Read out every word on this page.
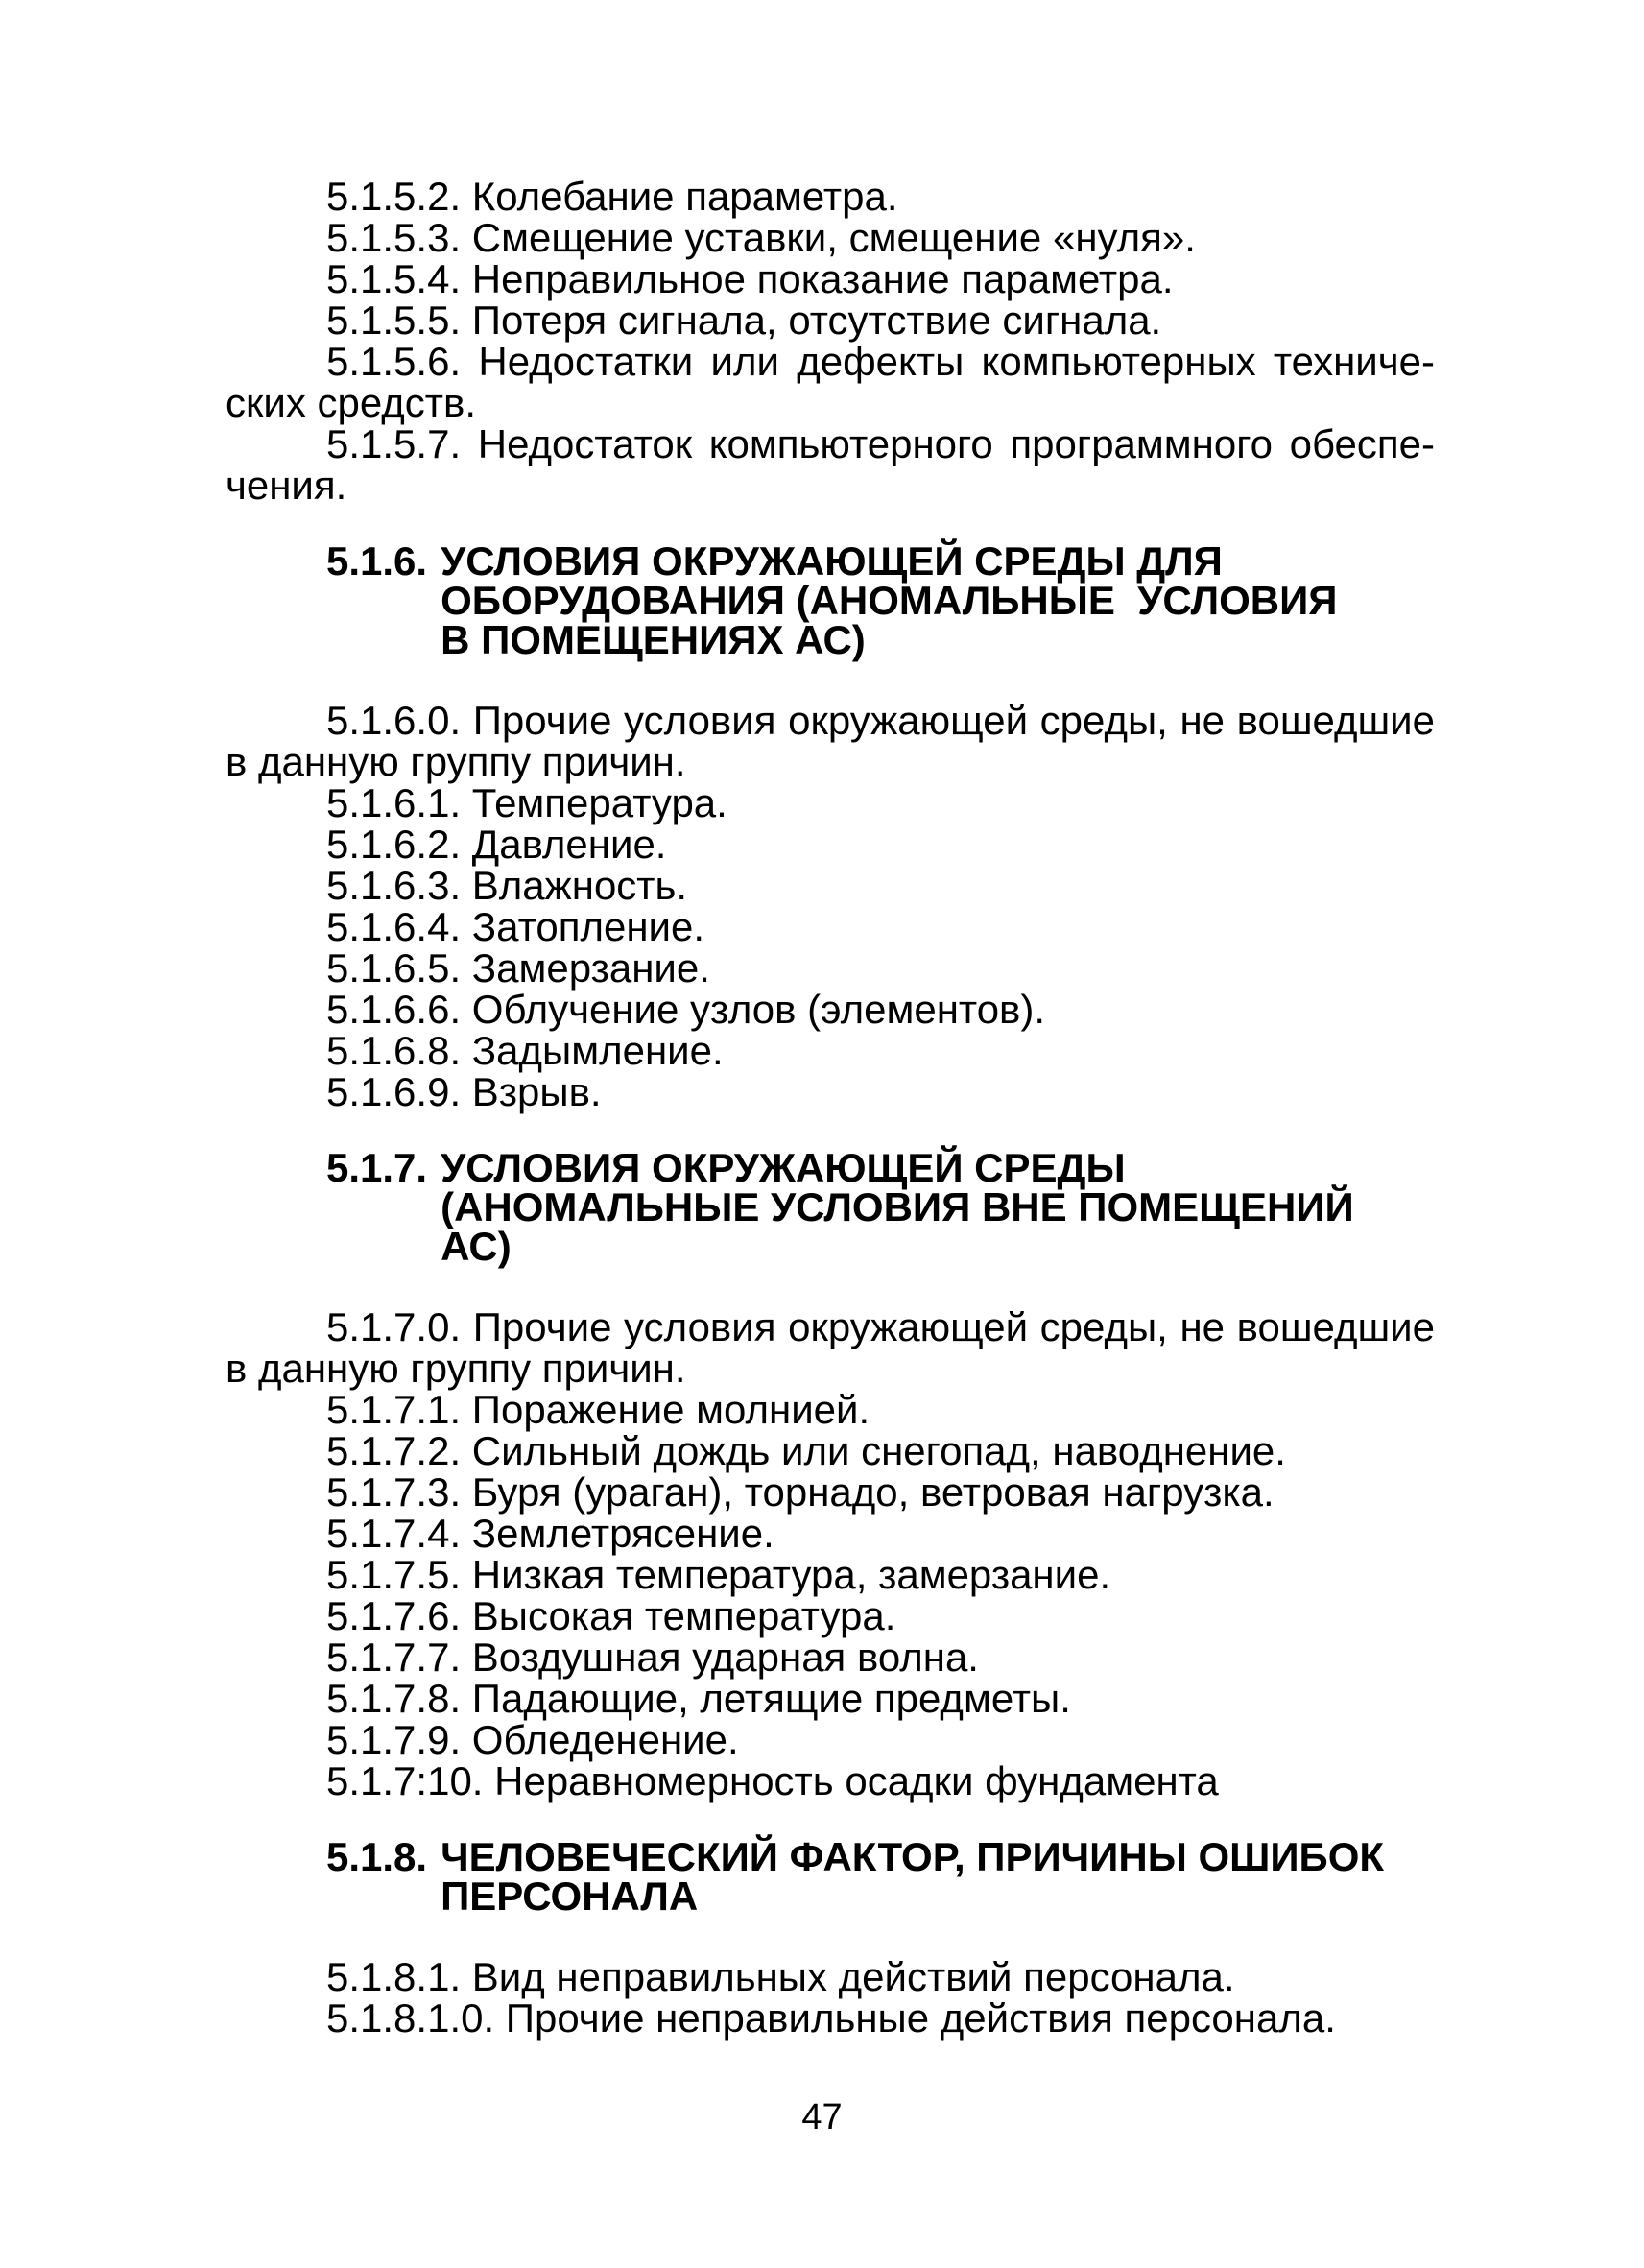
5.1.5.2. Колебание параметра.

5.1.5.3. Смещение уставки, смещение «нуля».

5.1.5.4. Неправильное показание параметра.

5.1.5.5. Потеря сигнала, отсутствие сигнала.

5.1.5.6. Недостатки или дефекты компьютерных техниче-ских средств.

5.1.5.7. Недостаток компьютерного программного обеспе-чения.

5.1.6. УСЛОВИЯ ОКРУЖАЮЩЕЙ СРЕДЫ ДЛЯ
ОБОРУДОВАНИЯ (АНОМАЛЬНЫЕ  УСЛОВИЯ
В ПОМЕЩЕНИЯХ АС)

5.1.6.0. Прочие условия окружающей среды, не вошедшие в данную группу причин.

5.1.6.1. Температура.

5.1.6.2. Давление.

5.1.6.3. Влажность.

5.1.6.4. Затопление.

5.1.6.5. Замерзание.

5.1.6.6. Облучение узлов (элементов).

5.1.6.8. Задымление.

5.1.6.9. Взрыв.

5.1.7. УСЛОВИЯ ОКРУЖАЮЩЕЙ СРЕДЫ
(АНОМАЛЬНЫЕ УСЛОВИЯ ВНЕ ПОМЕЩЕНИЙ АС)

5.1.7.0. Прочие условия окружающей среды, не вошедшие в данную группу причин.

5.1.7.1. Поражение молнией.

5.1.7.2. Сильный дождь или снегопад, наводнение.

5.1.7.3. Буря (ураган), торнадо, ветровая нагрузка.

5.1.7.4. Землетрясение.

5.1.7.5. Низкая температура, замерзание.

5.1.7.6. Высокая температура.

5.1.7.7. Воздушная ударная волна.

5.1.7.8. Падающие, летящие предметы.

5.1.7.9. Обледенение.

5.1.7:10. Неравномерность осадки фундамента

5.1.8. ЧЕЛОВЕЧЕСКИЙ ФАКТОР, ПРИЧИНЫ ОШИБОК
ПЕРСОНАЛА

5.1.8.1. Вид неправильных действий персонала.

5.1.8.1.0. Прочие неправильные действия персонала.

47
